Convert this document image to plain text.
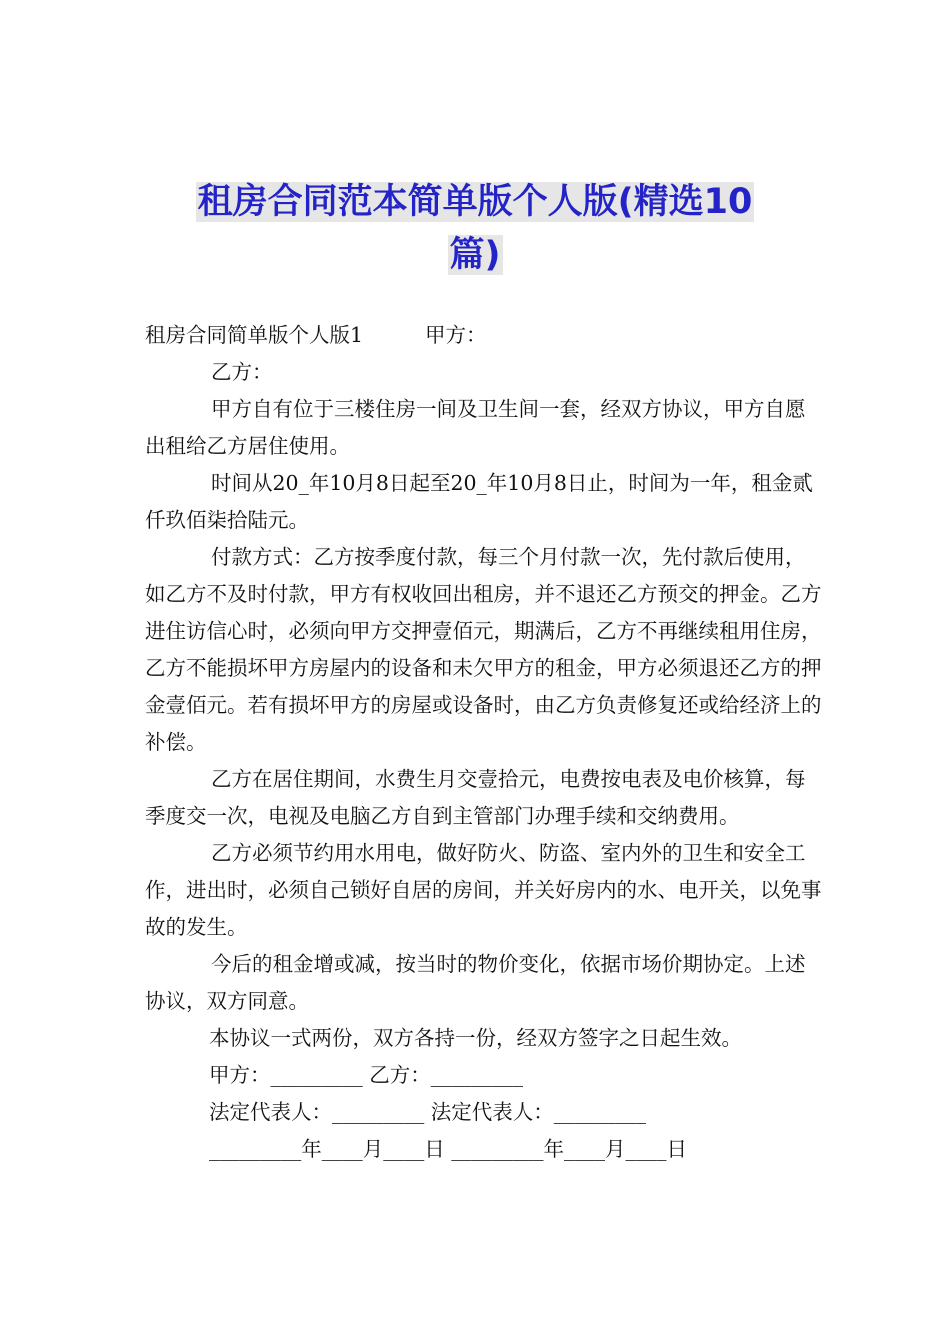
租房合同范本简单版个人版(精选10
篇)

租房合同简单版个人版1	甲方：

乙方：

甲方自有位于三楼住房一间及卫生间一套，经双方协议，甲方自愿出租给乙方居住使用。

时间从20_年10月8日起至20_年10月8日止，时间为一年，租金贰仟玖佰柒拾陆元。

付款方式：乙方按季度付款，每三个月付款一次，先付款后使用，如乙方不及时付款，甲方有权收回出租房，并不退还乙方预交的押金。乙方进住访信心时，必须向甲方交押壹佰元，期满后，乙方不再继续租用住房，乙方不能损坏甲方房屋内的设备和未欠甲方的租金，甲方必须退还乙方的押金壹佰元。若有损坏甲方的房屋或设备时，由乙方负责修复还或给经济上的补偿。

乙方在居住期间，水费生月交壹拾元，电费按电表及电价核算，每季度交一次，电视及电脑乙方自到主管部门办理手续和交纳费用。

乙方必须节约用水用电，做好防火、防盗、室内外的卫生和安全工作，进出时，必须自己锁好自居的房间，并关好房内的水、电开关，以免事故的发生。

今后的租金增或减，按当时的物价变化，依据市场价期协定。上述协议，双方同意。

本协议一式两份，双方各持一份，经双方签字之日起生效。

甲方：_________ 乙方：_________

法定代表人：_________ 法定代表人：_________

_________年____月____日 _________年____月____日
